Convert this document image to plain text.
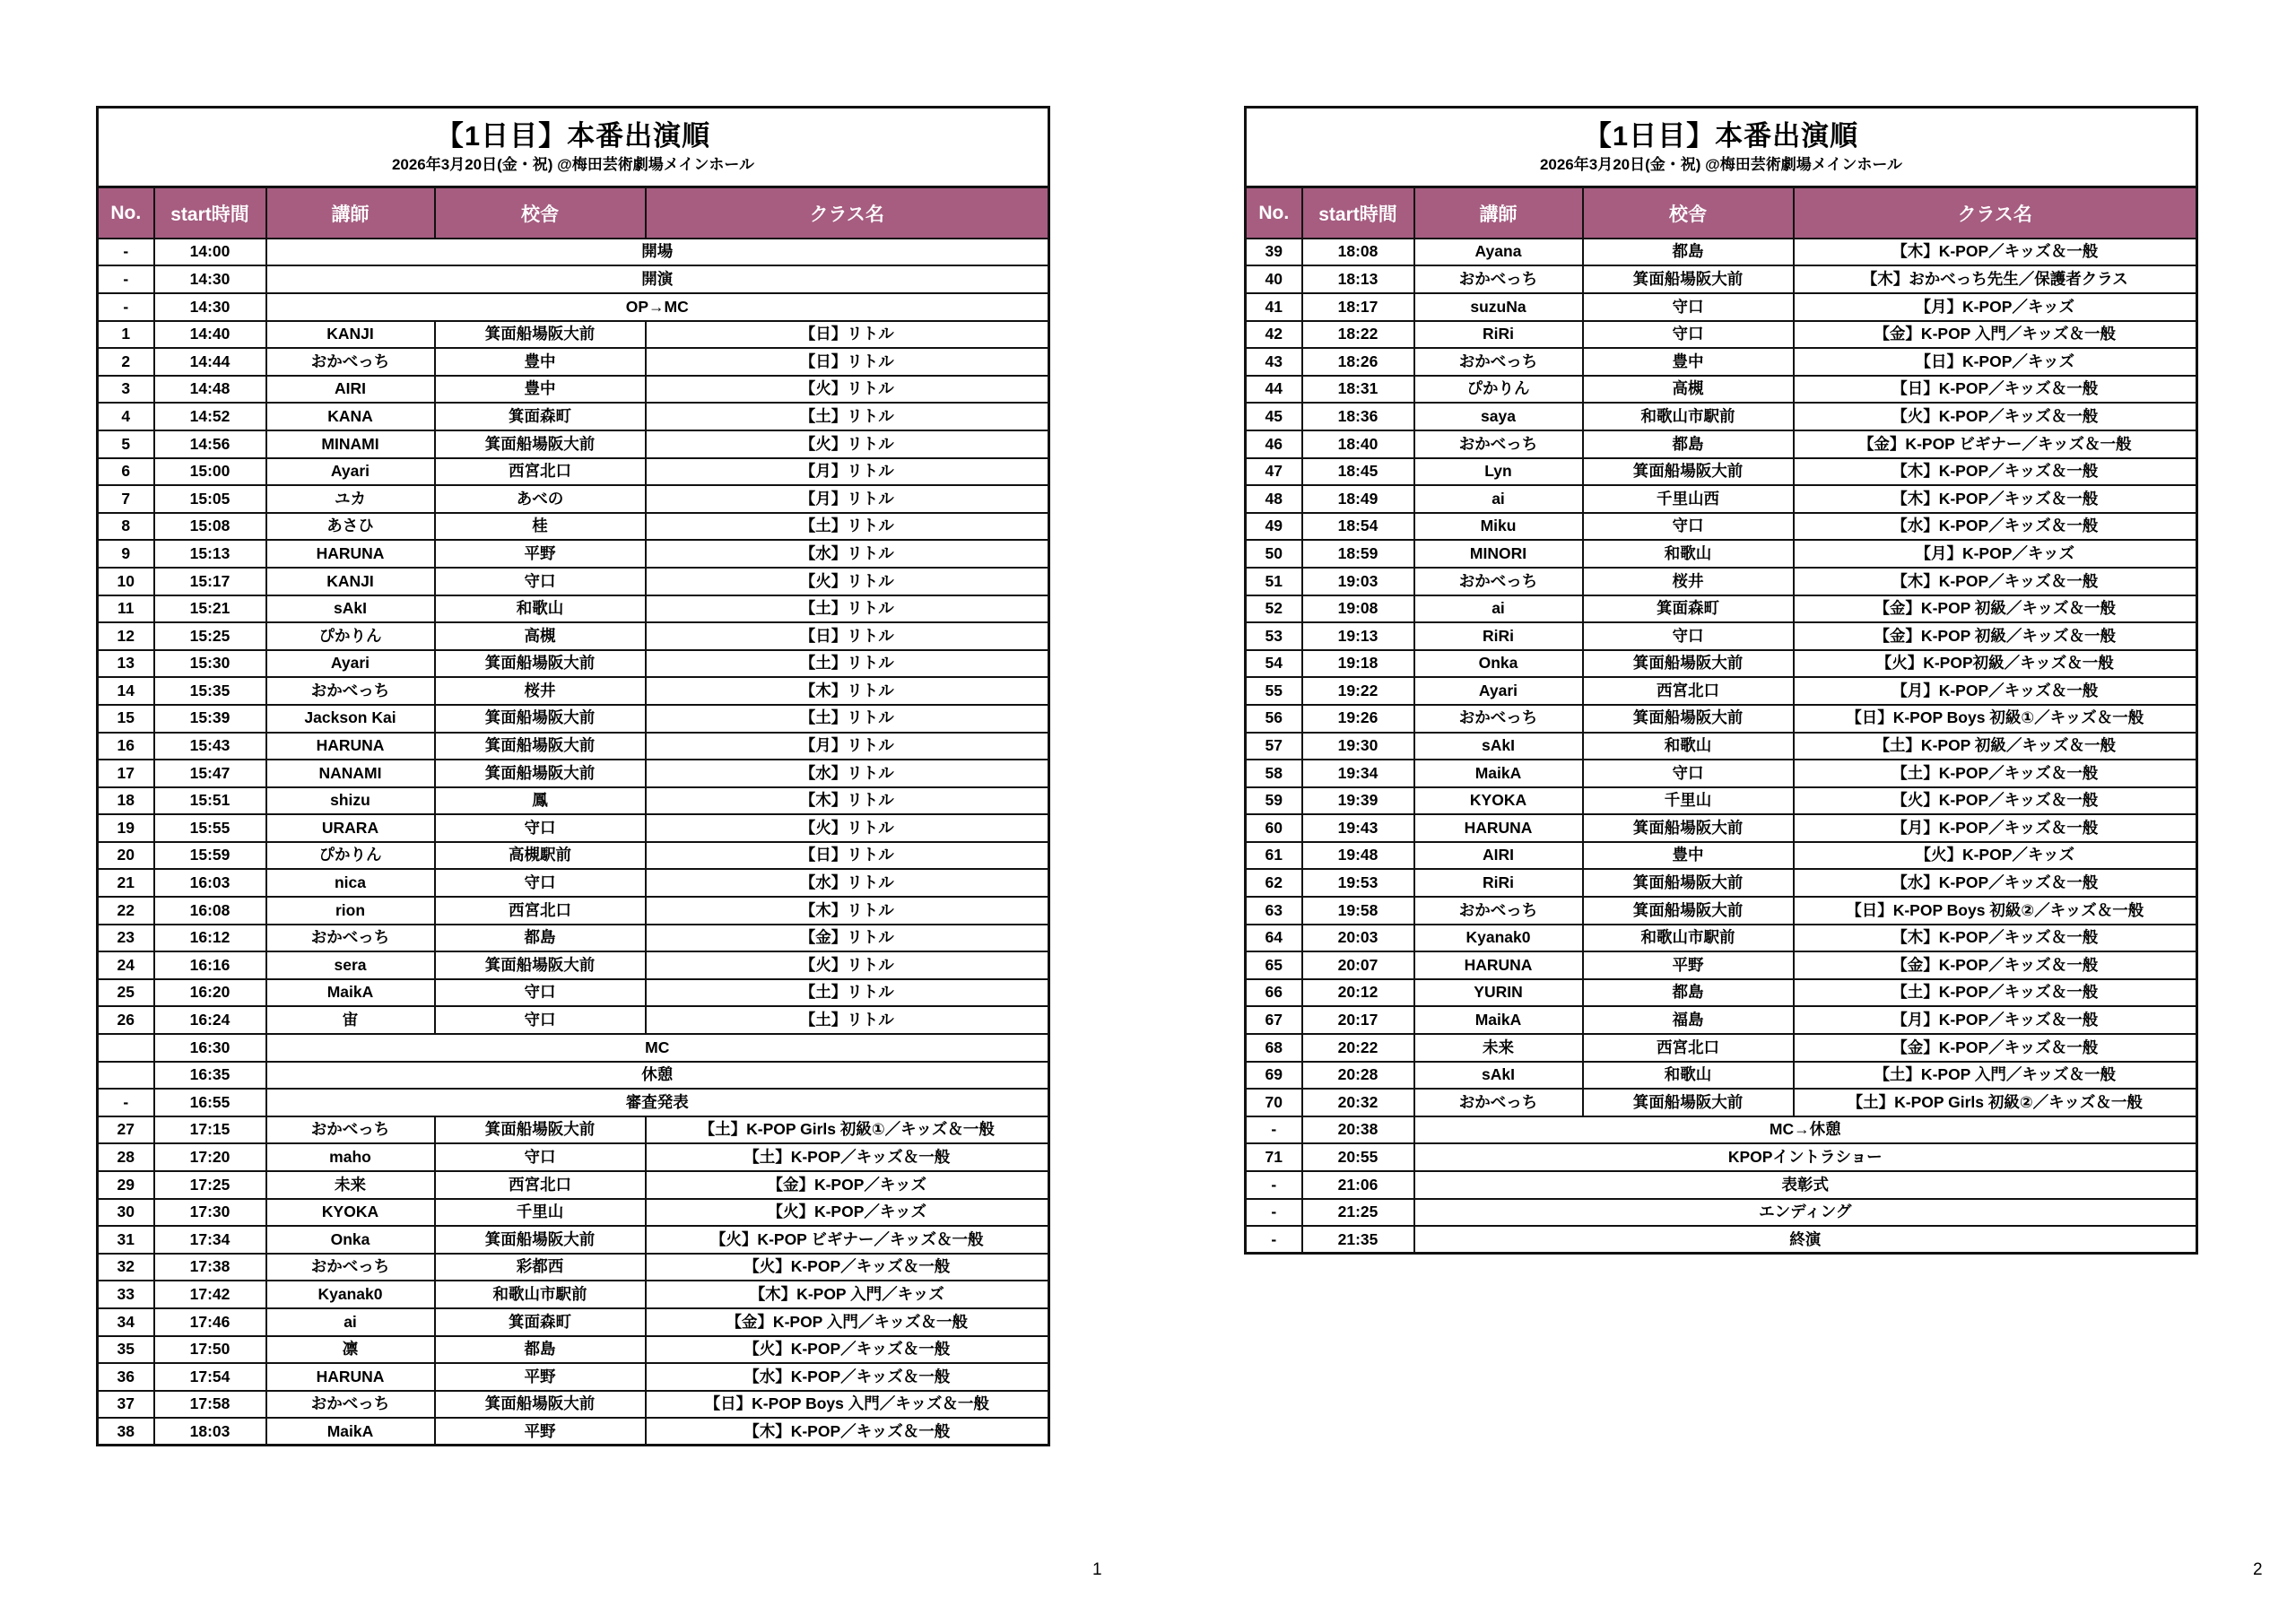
【1日目】本番出演順
2026年3月20日(金・祝) @梅田芸術劇場メインホール
No.	start時間	講師	校舎	クラス名
-	14:00	開場		
-	14:30	開演		
-	14:30	OP→MC		
1	14:40	KANJI	箕面船場阪大前	【日】リトル
2	14:44	おかべっち	豊中	【日】リトル
3	14:48	AIRI	豊中	【火】リトル
4	14:52	KANA	箕面森町	【土】リトル
5	14:56	MINAMI	箕面船場阪大前	【火】リトル
6	15:00	Ayari	西宮北口	【月】リトル
7	15:05	ユカ	あべの	【月】リトル
8	15:08	あさひ	桂	【土】リトル
9	15:13	HARUNA	平野	【水】リトル
10	15:17	KANJI	守口	【火】リトル
11	15:21	sAkI	和歌山	【土】リトル
12	15:25	ぴかりん	高槻	【日】リトル
13	15:30	Ayari	箕面船場阪大前	【土】リトル
14	15:35	おかべっち	桜井	【木】リトル
15	15:39	Jackson Kai	箕面船場阪大前	【土】リトル
16	15:43	HARUNA	箕面船場阪大前	【月】リトル
17	15:47	NANAMI	箕面船場阪大前	【水】リトル
18	15:51	shizu	鳳	【木】リトル
19	15:55	URARA	守口	【火】リトル
20	15:59	ぴかりん	高槻駅前	【日】リトル
21	16:03	nica	守口	【水】リトル
22	16:08	rion	西宮北口	【木】リトル
23	16:12	おかべっち	都島	【金】リトル
24	16:16	sera	箕面船場阪大前	【火】リトル
25	16:20	MaikA	守口	【土】リトル
26	16:24	宙	守口	【土】リトル
	16:30	MC		
	16:35	休憩		
-	16:55	審査発表		
27	17:15	おかべっち	箕面船場阪大前	【土】K-POP Girls 初級①／キッズ＆一般
28	17:20	maho	守口	【土】K-POP／キッズ＆一般
29	17:25	未来	西宮北口	【金】K-POP／キッズ
30	17:30	KYOKA	千里山	【火】K-POP／キッズ
31	17:34	Onka	箕面船場阪大前	【火】K-POP ビギナー／キッズ＆一般
32	17:38	おかべっち	彩都西	【火】K-POP／キッズ＆一般
33	17:42	Kyanak0	和歌山市駅前	【木】K-POP 入門／キッズ
34	17:46	ai	箕面森町	【金】K-POP 入門／キッズ＆一般
35	17:50	凛	都島	【火】K-POP／キッズ＆一般
36	17:54	HARUNA	平野	【水】K-POP／キッズ＆一般
37	17:58	おかべっち	箕面船場阪大前	【日】K-POP Boys 入門／キッズ＆一般
38	18:03	MaikA	平野	【木】K-POP／キッズ＆一般
【1日目】本番出演順
2026年3月20日(金・祝) @梅田芸術劇場メインホール
No.	start時間	講師	校舎	クラス名
39	18:08	Ayana	都島	【木】K-POP／キッズ＆一般
40	18:13	おかべっち	箕面船場阪大前	【木】おかべっち先生／保護者クラス
41	18:17	suzuNa	守口	【月】K-POP／キッズ
42	18:22	RiRi	守口	【金】K-POP 入門／キッズ＆一般
43	18:26	おかべっち	豊中	【日】K-POP／キッズ
44	18:31	ぴかりん	高槻	【日】K-POP／キッズ＆一般
45	18:36	saya	和歌山市駅前	【火】K-POP／キッズ＆一般
46	18:40	おかべっち	都島	【金】K-POP ビギナー／キッズ＆一般
47	18:45	Lyn	箕面船場阪大前	【木】K-POP／キッズ＆一般
48	18:49	ai	千里山西	【木】K-POP／キッズ＆一般
49	18:54	Miku	守口	【水】K-POP／キッズ＆一般
50	18:59	MINORI	和歌山	【月】K-POP／キッズ
51	19:03	おかべっち	桜井	【木】K-POP／キッズ＆一般
52	19:08	ai	箕面森町	【金】K-POP 初級／キッズ＆一般
53	19:13	RiRi	守口	【金】K-POP 初級／キッズ＆一般
54	19:18	Onka	箕面船場阪大前	【火】K-POP初級／キッズ＆一般
55	19:22	Ayari	西宮北口	【月】K-POP／キッズ＆一般
56	19:26	おかべっち	箕面船場阪大前	【日】K-POP Boys 初級①／キッズ＆一般
57	19:30	sAkI	和歌山	【土】K-POP 初級／キッズ＆一般
58	19:34	MaikA	守口	【土】K-POP／キッズ＆一般
59	19:39	KYOKA	千里山	【火】K-POP／キッズ＆一般
60	19:43	HARUNA	箕面船場阪大前	【月】K-POP／キッズ＆一般
61	19:48	AIRI	豊中	【火】K-POP／キッズ
62	19:53	RiRi	箕面船場阪大前	【水】K-POP／キッズ＆一般
63	19:58	おかべっち	箕面船場阪大前	【日】K-POP Boys 初級②／キッズ＆一般
64	20:03	Kyanak0	和歌山市駅前	【木】K-POP／キッズ＆一般
65	20:07	HARUNA	平野	【金】K-POP／キッズ＆一般
66	20:12	YURIN	都島	【土】K-POP／キッズ＆一般
67	20:17	MaikA	福島	【月】K-POP／キッズ＆一般
68	20:22	未来	西宮北口	【金】K-POP／キッズ＆一般
69	20:28	sAkI	和歌山	【土】K-POP 入門／キッズ＆一般
70	20:32	おかべっち	箕面船場阪大前	【土】K-POP Girls 初級②／キッズ＆一般
-	20:38	MC→休憩		
71	20:55	KPOPイントラショー		
-	21:06	表彰式		
-	21:25	エンディング		
-	21:35	終演		
1	2
